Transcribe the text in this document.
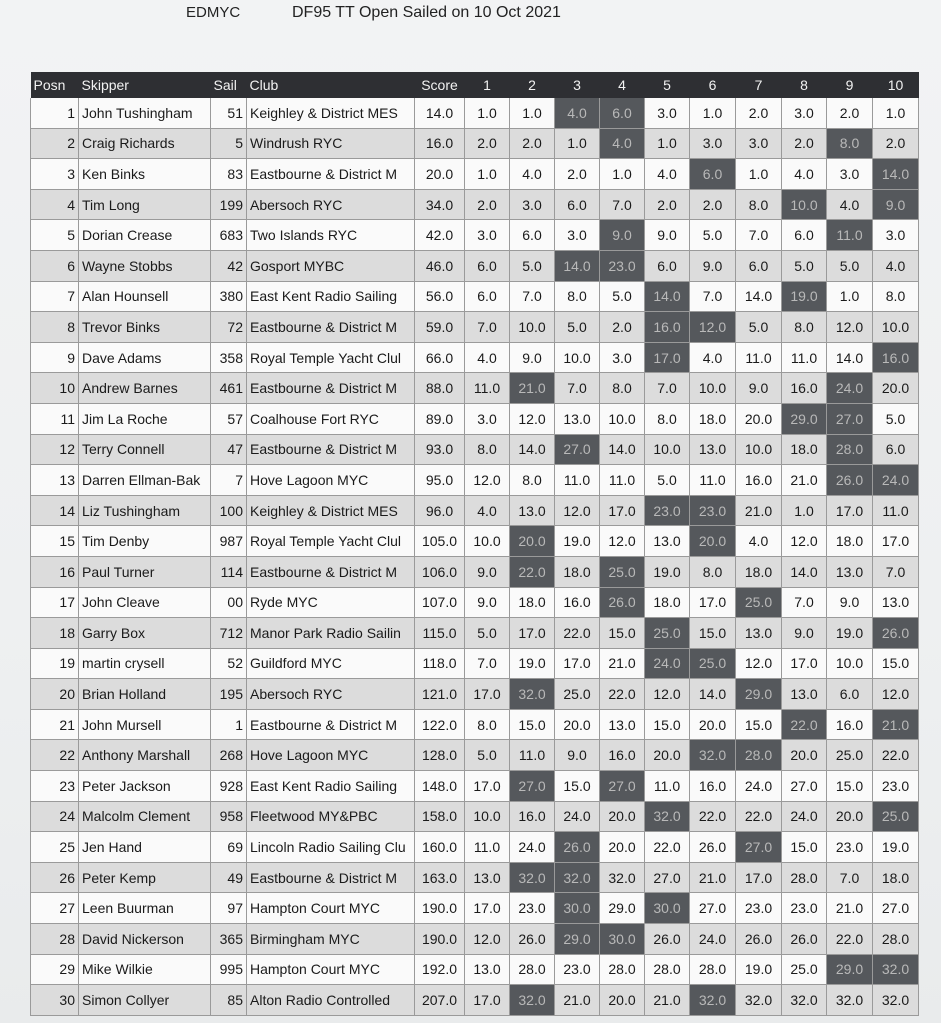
EDMYC	DF95 TT Open Sailed on 10 Oct 2021
Posn	Skipper	Sail	Club	Score	1	2	3	4	5	6	7	8	9	10
1	John Tushingham	51	Keighley & District MES	14.0	1.0	1.0	4.0	6.0	3.0	1.0	2.0	3.0	2.0	1.0
2	Craig Richards	5	Windrush RYC	16.0	2.0	2.0	1.0	4.0	1.0	3.0	3.0	2.0	8.0	2.0
3	Ken Binks	83	Eastbourne & District M	20.0	1.0	4.0	2.0	1.0	4.0	6.0	1.0	4.0	3.0	14.0
4	Tim Long	199	Abersoch RYC	34.0	2.0	3.0	6.0	7.0	2.0	2.0	8.0	10.0	4.0	9.0
5	Dorian Crease	683	Two Islands RYC	42.0	3.0	6.0	3.0	9.0	9.0	5.0	7.0	6.0	11.0	3.0
6	Wayne Stobbs	42	Gosport MYBC	46.0	6.0	5.0	14.0	23.0	6.0	9.0	6.0	5.0	5.0	4.0
7	Alan Hounsell	380	East Kent Radio Sailing	56.0	6.0	7.0	8.0	5.0	14.0	7.0	14.0	19.0	1.0	8.0
8	Trevor Binks	72	Eastbourne & District M	59.0	7.0	10.0	5.0	2.0	16.0	12.0	5.0	8.0	12.0	10.0
9	Dave Adams	358	Royal Temple Yacht Clul	66.0	4.0	9.0	10.0	3.0	17.0	4.0	11.0	11.0	14.0	16.0
10	Andrew Barnes	461	Eastbourne & District M	88.0	11.0	21.0	7.0	8.0	7.0	10.0	9.0	16.0	24.0	20.0
11	Jim La Roche	57	Coalhouse Fort RYC	89.0	3.0	12.0	13.0	10.0	8.0	18.0	20.0	29.0	27.0	5.0
12	Terry Connell	47	Eastbourne & District M	93.0	8.0	14.0	27.0	14.0	10.0	13.0	10.0	18.0	28.0	6.0
13	Darren Ellman-Bak	7	Hove Lagoon MYC	95.0	12.0	8.0	11.0	11.0	5.0	11.0	16.0	21.0	26.0	24.0
14	Liz Tushingham	100	Keighley & District MES	96.0	4.0	13.0	12.0	17.0	23.0	23.0	21.0	1.0	17.0	11.0
15	Tim Denby	987	Royal Temple Yacht Clul	105.0	10.0	20.0	19.0	12.0	13.0	20.0	4.0	12.0	18.0	17.0
16	Paul Turner	114	Eastbourne & District M	106.0	9.0	22.0	18.0	25.0	19.0	8.0	18.0	14.0	13.0	7.0
17	John Cleave	00	Ryde MYC	107.0	9.0	18.0	16.0	26.0	18.0	17.0	25.0	7.0	9.0	13.0
18	Garry Box	712	Manor Park Radio Sailin	115.0	5.0	17.0	22.0	15.0	25.0	15.0	13.0	9.0	19.0	26.0
19	martin crysell	52	Guildford MYC	118.0	7.0	19.0	17.0	21.0	24.0	25.0	12.0	17.0	10.0	15.0
20	Brian Holland	195	Abersoch RYC	121.0	17.0	32.0	25.0	22.0	12.0	14.0	29.0	13.0	6.0	12.0
21	John Mursell	1	Eastbourne & District M	122.0	8.0	15.0	20.0	13.0	15.0	20.0	15.0	22.0	16.0	21.0
22	Anthony Marshall	268	Hove Lagoon MYC	128.0	5.0	11.0	9.0	16.0	20.0	32.0	28.0	20.0	25.0	22.0
23	Peter Jackson	928	East Kent Radio Sailing	148.0	17.0	27.0	15.0	27.0	11.0	16.0	24.0	27.0	15.0	23.0
24	Malcolm Clement	958	Fleetwood MY&PBC	158.0	10.0	16.0	24.0	20.0	32.0	22.0	22.0	24.0	20.0	25.0
25	Jen Hand	69	Lincoln Radio Sailing Clu	160.0	11.0	24.0	26.0	20.0	22.0	26.0	27.0	15.0	23.0	19.0
26	Peter Kemp	49	Eastbourne & District M	163.0	13.0	32.0	32.0	32.0	27.0	21.0	17.0	28.0	7.0	18.0
27	Leen Buurman	97	Hampton Court MYC	190.0	17.0	23.0	30.0	29.0	30.0	27.0	23.0	23.0	21.0	27.0
28	David Nickerson	365	Birmingham MYC	190.0	12.0	26.0	29.0	30.0	26.0	24.0	26.0	26.0	22.0	28.0
29	Mike Wilkie	995	Hampton Court MYC	192.0	13.0	28.0	23.0	28.0	28.0	28.0	19.0	25.0	29.0	32.0
30	Simon Collyer	85	Alton Radio Controlled	207.0	17.0	32.0	21.0	20.0	21.0	32.0	32.0	32.0	32.0	32.0
